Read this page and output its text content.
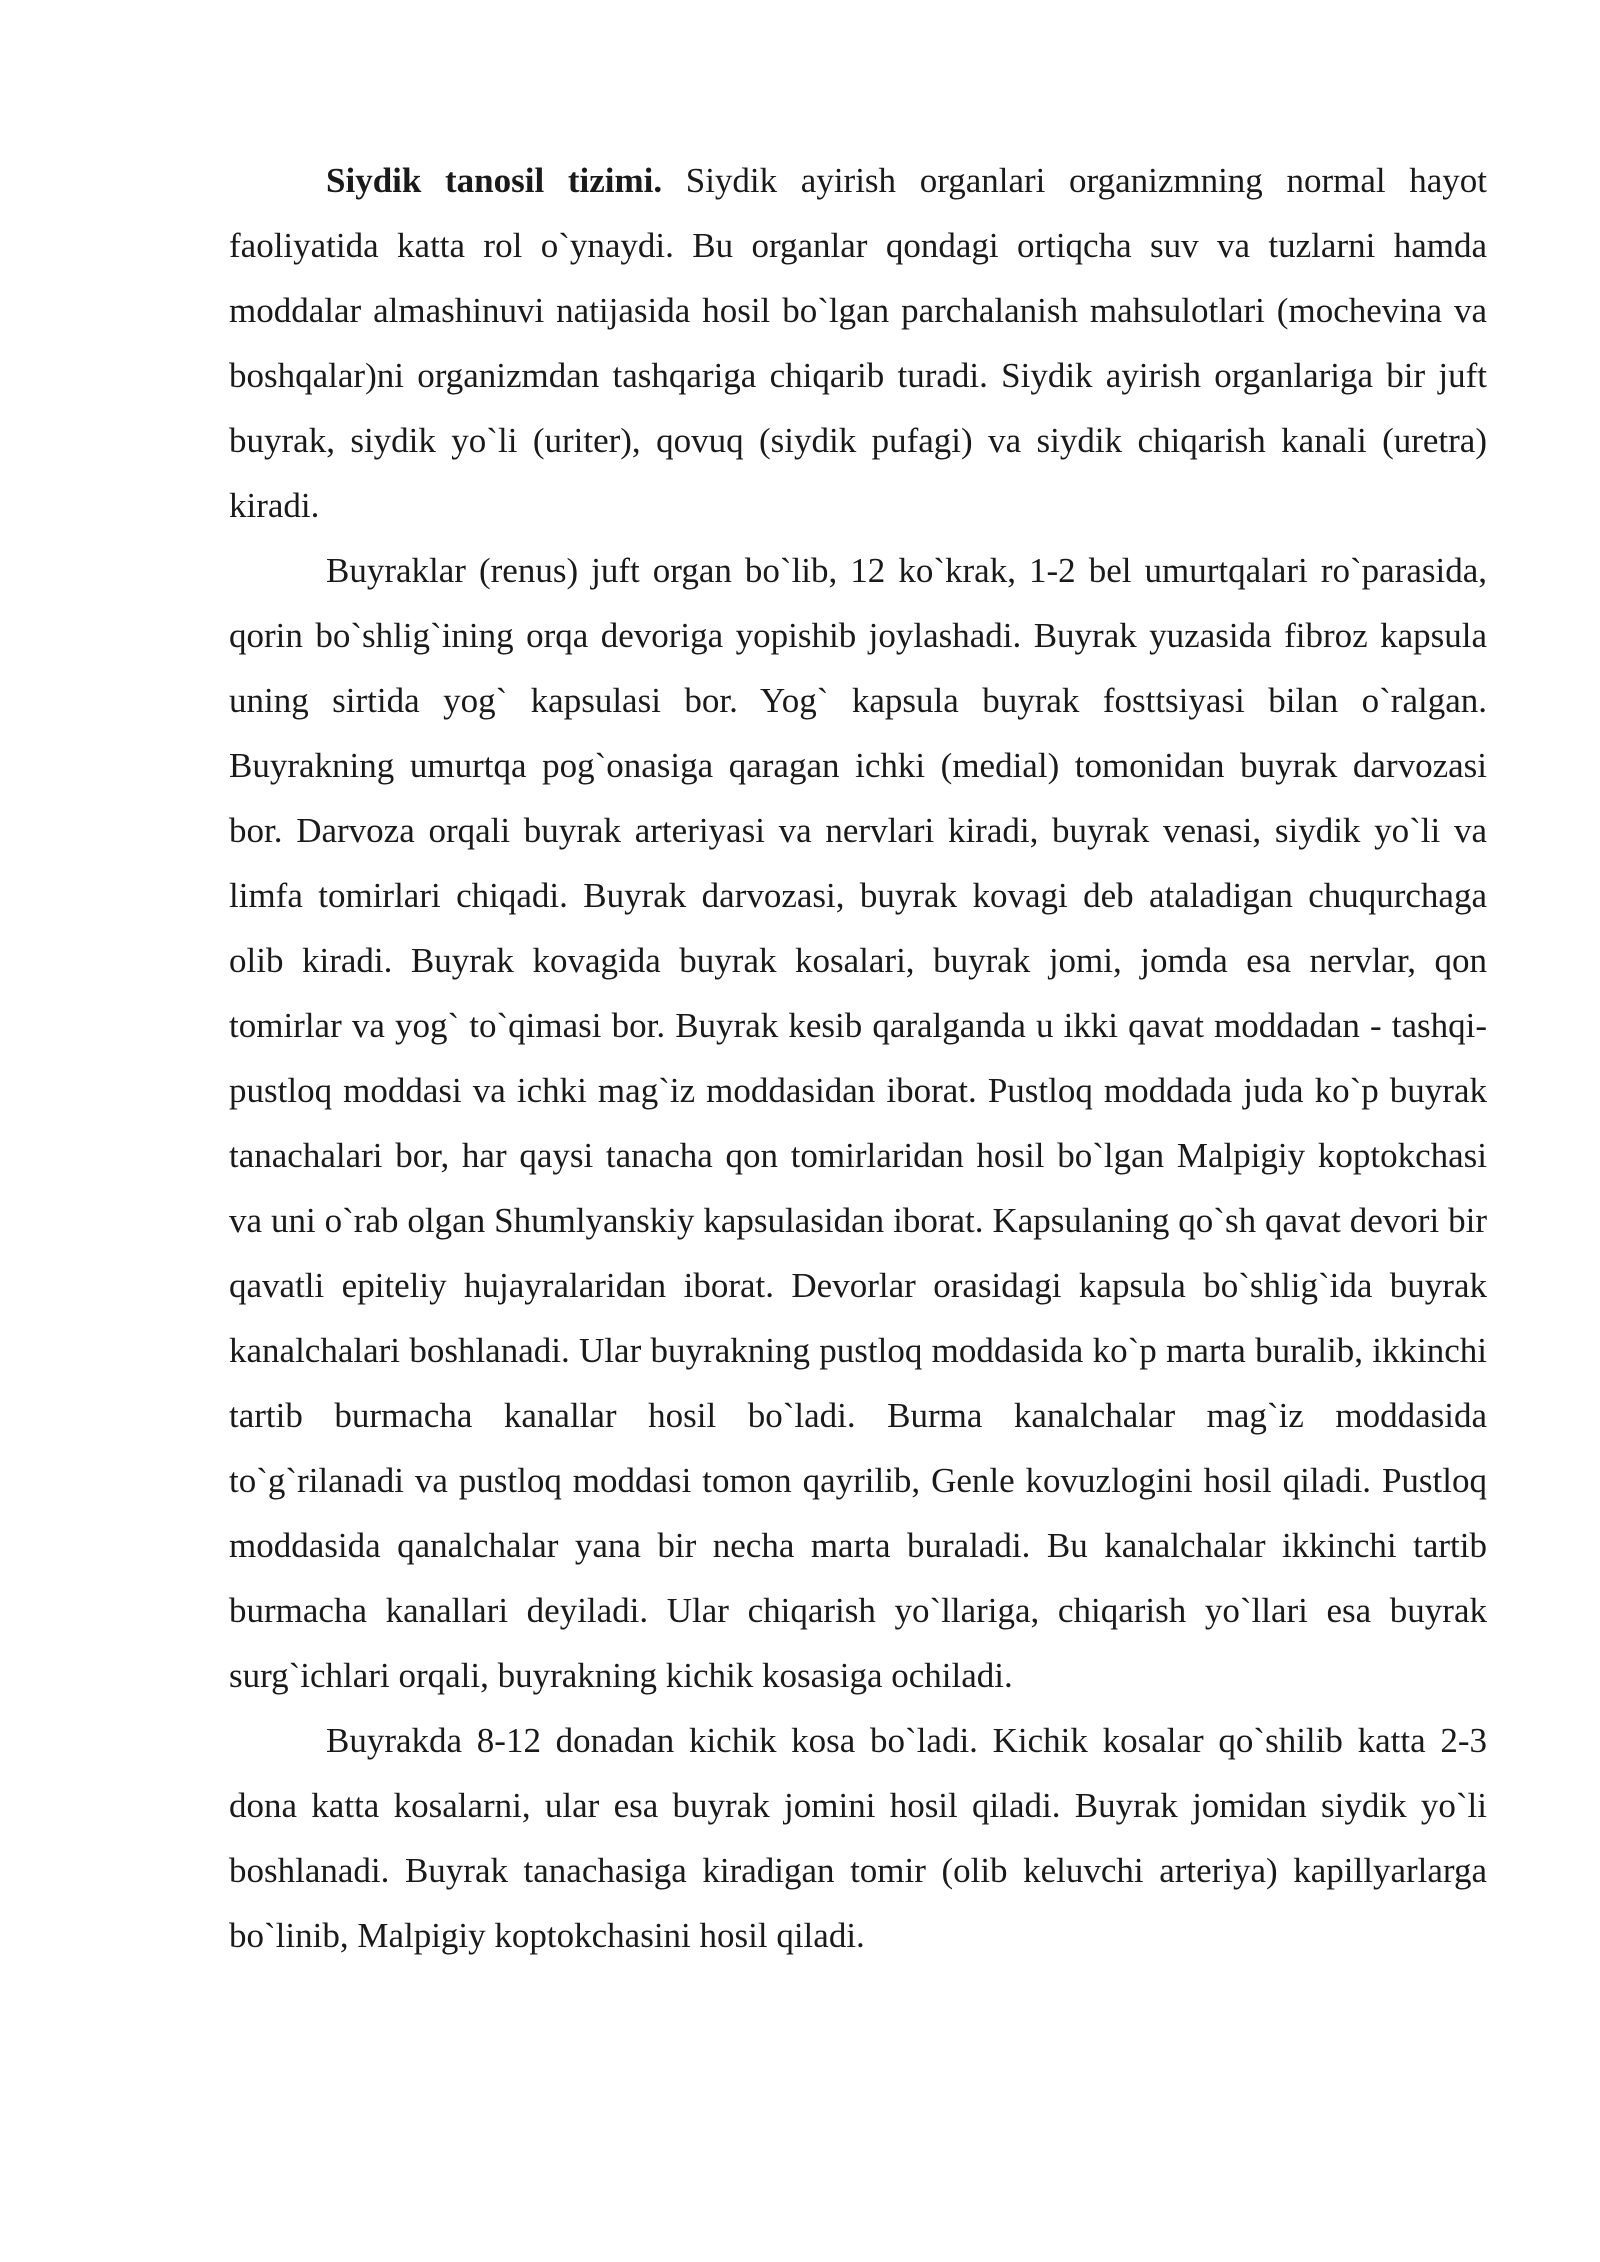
Siydik tanosil tizimi. Siydik ayirish organlari organizmning normal hayot faoliyatida katta rol o`ynaydi. Bu organlar qondagi ortiqcha suv va tuzlarni hamda moddalar almashinuvi natijasida hosil bo`lgan parchalanish mahsulotlari (mochevina va boshqalar)ni organizmdan tashqariga chiqarib turadi. Siydik ayirish organlariga bir juft buyrak, siydik yo`li (uriter), qovuq (siydik pufagi) va siydik chiqarish kanali (uretra) kiradi.

Buyraklar (renus) juft organ bo`lib, 12 ko`krak, 1-2 bel umurtqalari ro`parasida, qorin bo`shlig`ining orqa devoriga yopishib joylashadi. Buyrak yuzasida fibroz kapsula uning sirtida yog` kapsulasi bor. Yog` kapsula buyrak fosttsiyasi bilan o`ralgan. Buyrakning umurtqa pog`onasiga qaragan ichki (medial) tomonidan buyrak darvozasi bor. Darvoza orqali buyrak arteriyasi va nervlari kiradi, buyrak venasi, siydik yo`li va limfa tomirlari chiqadi. Buyrak darvozasi, buyrak kovagi deb ataladigan chuqurchaga olib kiradi. Buyrak kovagida buyrak kosalari, buyrak jomi, jomda esa nervlar, qon tomirlar va yog` to`qimasi bor. Buyrak kesib qaralganda u ikki qavat moddadan - tashqi-pustloq moddasi va ichki mag`iz moddasidan iborat. Pustloq moddada juda ko`p buyrak tanachalari bor, har qaysi tanacha qon tomirlaridan hosil bo`lgan Malpigiy koptokchasi va uni o`rab olgan Shumlyanskiy kapsulasidan iborat. Kapsulaning qo`sh qavat devori bir qavatli epiteliy hujayralaridan iborat. Devorlar orasidagi kapsula bo`shlig`ida buyrak kanalchalari boshlanadi. Ular buyrakning pustloq moddasida ko`p marta buralib, ikkinchi tartib burmacha kanallar hosil bo`ladi. Burma kanalchalar mag`iz moddasida to`g`rilanadi va pustloq moddasi tomon qayrilib, Genle kovuzlogini hosil qiladi. Pustloq moddasida qanalchalar yana bir necha marta buraladi. Bu kanalchalar ikkinchi tartib burmacha kanallari deyiladi. Ular chiqarish yo`llariga, chiqarish yo`llari esa buyrak surg`ichlari orqali, buyrakning kichik kosasiga ochiladi.

Buyrakda 8-12 donadan kichik kosa bo`ladi. Kichik kosalar qo`shilib katta 2-3 dona katta kosalarni, ular esa buyrak jomini hosil qiladi. Buyrak jomidan siydik yo`li boshlanadi. Buyrak tanachasiga kiradigan tomir (olib keluvchi arteriya) kapillyarlarga bo`linib, Malpigiy koptokchasini hosil qiladi.
